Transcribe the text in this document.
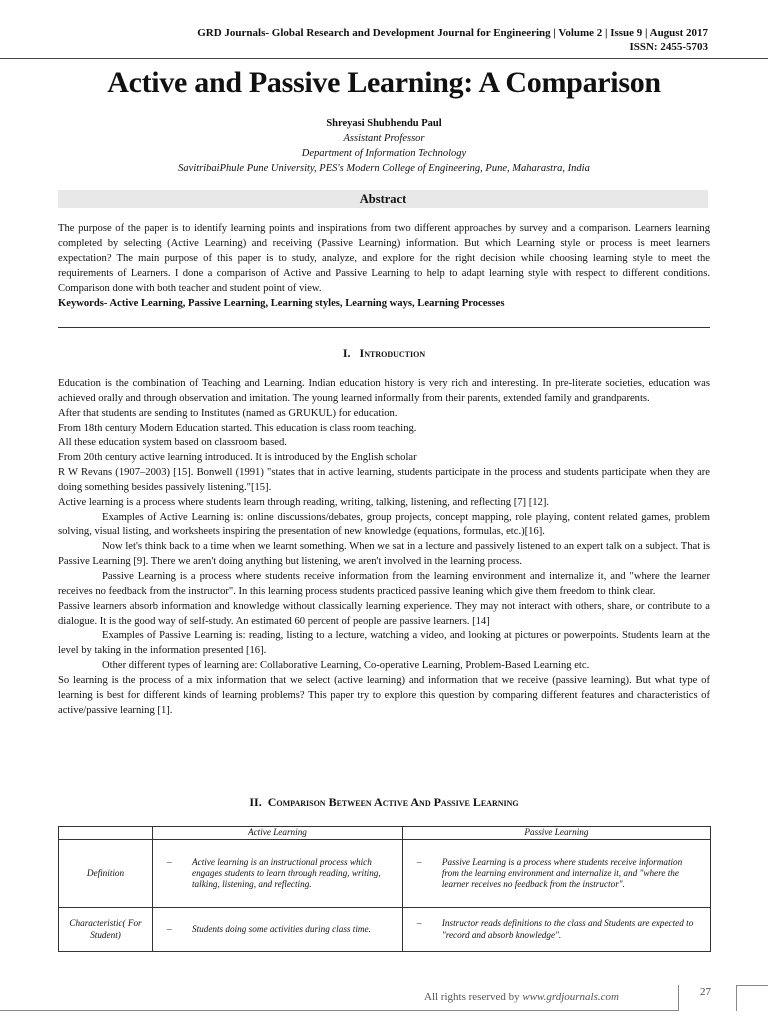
GRD Journals- Global Research and Development Journal for Engineering | Volume 2 | Issue 9 | August 2017
ISSN: 2455-5703
Active and Passive Learning: A Comparison
Shreyasi Shubhendu Paul
Assistant Professor
Department of Information Technology
SavitribaiPhule Pune University, PES's Modern College of Engineering, Pune, Maharastra, India
Abstract
The purpose of the paper is to identify learning points and inspirations from two different approaches by survey and a comparison. Learners learning completed by selecting (Active Learning) and receiving (Passive Learning) information. But which Learning style or process is meet learners expectation? The main purpose of this paper is to study, analyze, and explore for the right decision while choosing learning style to meet the requirements of Learners. I done a comparison of Active and Passive Learning to help to adapt learning style with respect to different conditions. Comparison done with both teacher and student point of view.
Keywords- Active Learning, Passive Learning, Learning styles, Learning ways, Learning Processes
I. Introduction

Education is the combination of Teaching and Learning. Indian education history is very rich and interesting. In pre-literate societies, education was achieved orally and through observation and imitation. The young learned informally from their parents, extended family and grandparents.

After that students are sending to Institutes (named as GRUKUL) for education.

From 18th century Modern Education started. This education is class room teaching.

All these education system based on classroom based.

From 20th century active learning introduced. It is introduced by the English scholar

R W Revans (1907–2003) [15]. Bonwell (1991) "states that in active learning, students participate in the process and students participate when they are doing something besides passively listening."[15].

Active learning is a process where students learn through reading, writing, talking, listening, and reflecting [7] [12].

Examples of Active Learning is: online discussions/debates, group projects, concept mapping, role playing, content related games, problem solving, visual listing, and worksheets inspiring the presentation of new knowledge (equations, formulas, etc.)[16].

Now let's think back to a time when we learnt something. When we sat in a lecture and passively listened to an expert talk on a subject. That is Passive Learning [9]. There we aren't doing anything but listening, we aren't involved in the learning process.

Passive Learning is a process where students receive information from the learning environment and internalize it, and "where the learner receives no feedback from the instructor". In this learning process students practiced passive leaning which give them freedom to think clear.

Passive learners absorb information and knowledge without classically learning experience. They may not interact with others, share, or contribute to a dialogue. It is the good way of self-study. An estimated 60 percent of people are passive learners. [14]

Examples of Passive Learning is: reading, listing to a lecture, watching a video, and looking at pictures or powerpoints. Students learn at the level by taking in the information presented [16].

Other different types of learning are: Collaborative Learning, Co-operative Learning, Problem-Based Learning etc.

So learning is the process of a mix information that we select (active learning) and information that we receive (passive learning). But what type of learning is best for different kinds of learning problems? This paper try to explore this question by comparing different features and characteristics of active/passive learning [1].

II. Comparison Between Active And Passive Learning
	Active Learning	Passive Learning
Definition	– Active learning is an instructional process which engages students to learn through reading, writing, talking, listening, and reflecting.	– Passive Learning is a process where students receive information from the learning environment and internalize it, and "where the learner receives no feedback from the instructor".

Characteristic( For Student)	– Students doing some activities during class time.	– Instructor reads definitions to the class and Students are expected to "record and absorb knowledge".
All rights reserved by www.grdjournals.com	27
